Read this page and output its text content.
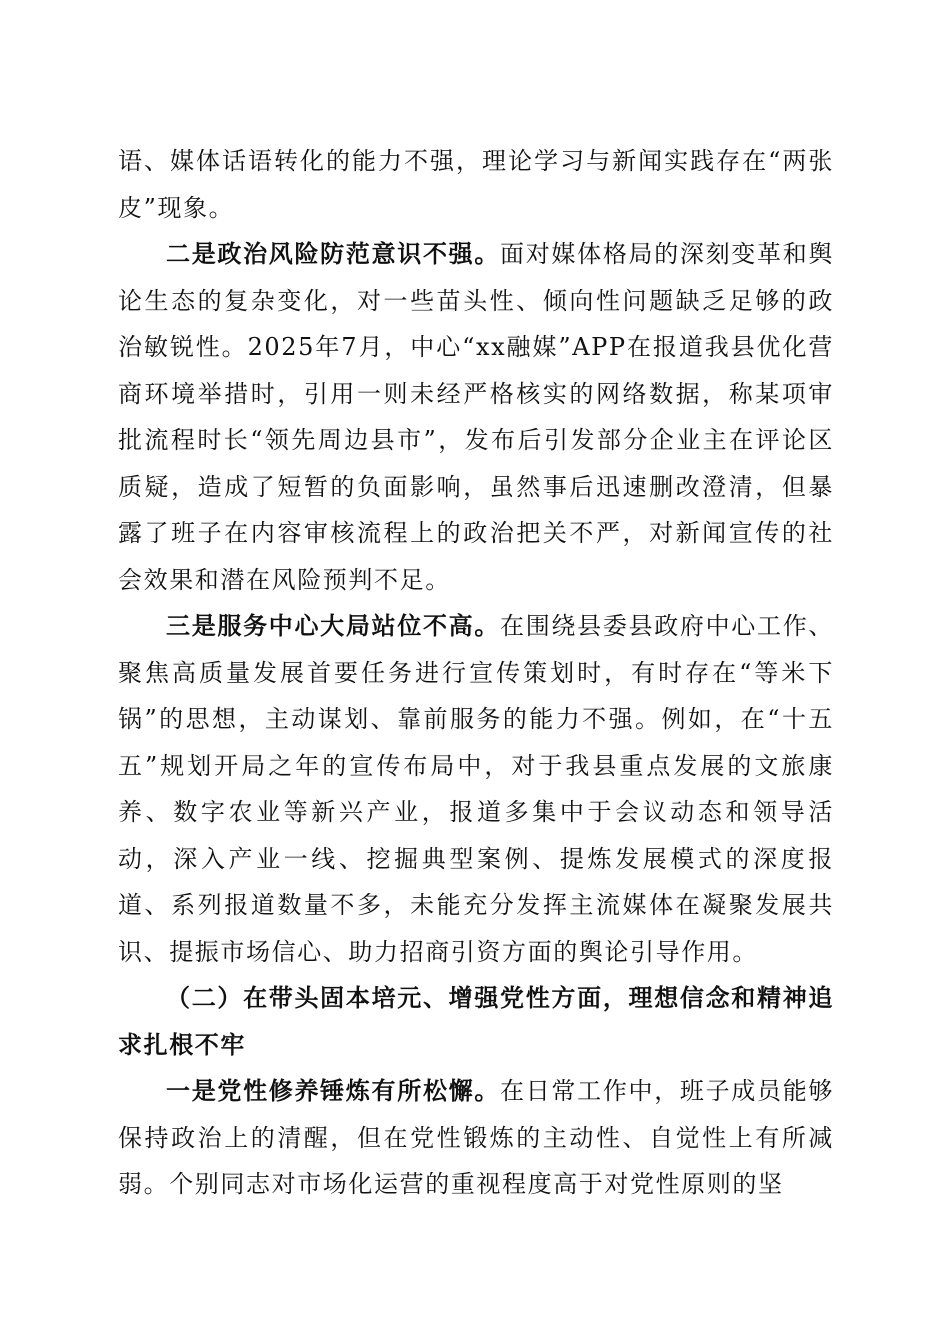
语、媒体话语转化的能力不强，理论学习与新闻实践存在“两张皮”现象。

二是政治风险防范意识不强。面对媒体格局的深刻变革和舆论生态的复杂变化，对一些苗头性、倾向性问题缺乏足够的政治敏锐性。2025年7月，中心“xx融媒”APP在报道我县优化营商环境举措时，引用一则未经严格核实的网络数据，称某项审批流程时长“领先周边县市”，发布后引发部分企业主在评论区质疑，造成了短暂的负面影响，虽然事后迅速删改澄清，但暴露了班子在内容审核流程上的政治把关不严，对新闻宣传的社会效果和潜在风险预判不足。

三是服务中心大局站位不高。在围绕县委县政府中心工作、聚焦高质量发展首要任务进行宣传策划时，有时存在“等米下锅”的思想，主动谋划、靠前服务的能力不强。例如，在“十五五”规划开局之年的宣传布局中，对于我县重点发展的文旅康养、数字农业等新兴产业，报道多集中于会议动态和领导活动，深入产业一线、挖掘典型案例、提炼发展模式的深度报道、系列报道数量不多，未能充分发挥主流媒体在凝聚发展共识、提振市场信心、助力招商引资方面的舆论引导作用。

（二）在带头固本培元、增强党性方面，理想信念和精神追求扎根不牢

一是党性修养锤炼有所松懈。在日常工作中，班子成员能够保持政治上的清醒，但在党性锻炼的主动性、自觉性上有所减弱。个别同志对市场化运营的重视程度高于对党性原则的坚
